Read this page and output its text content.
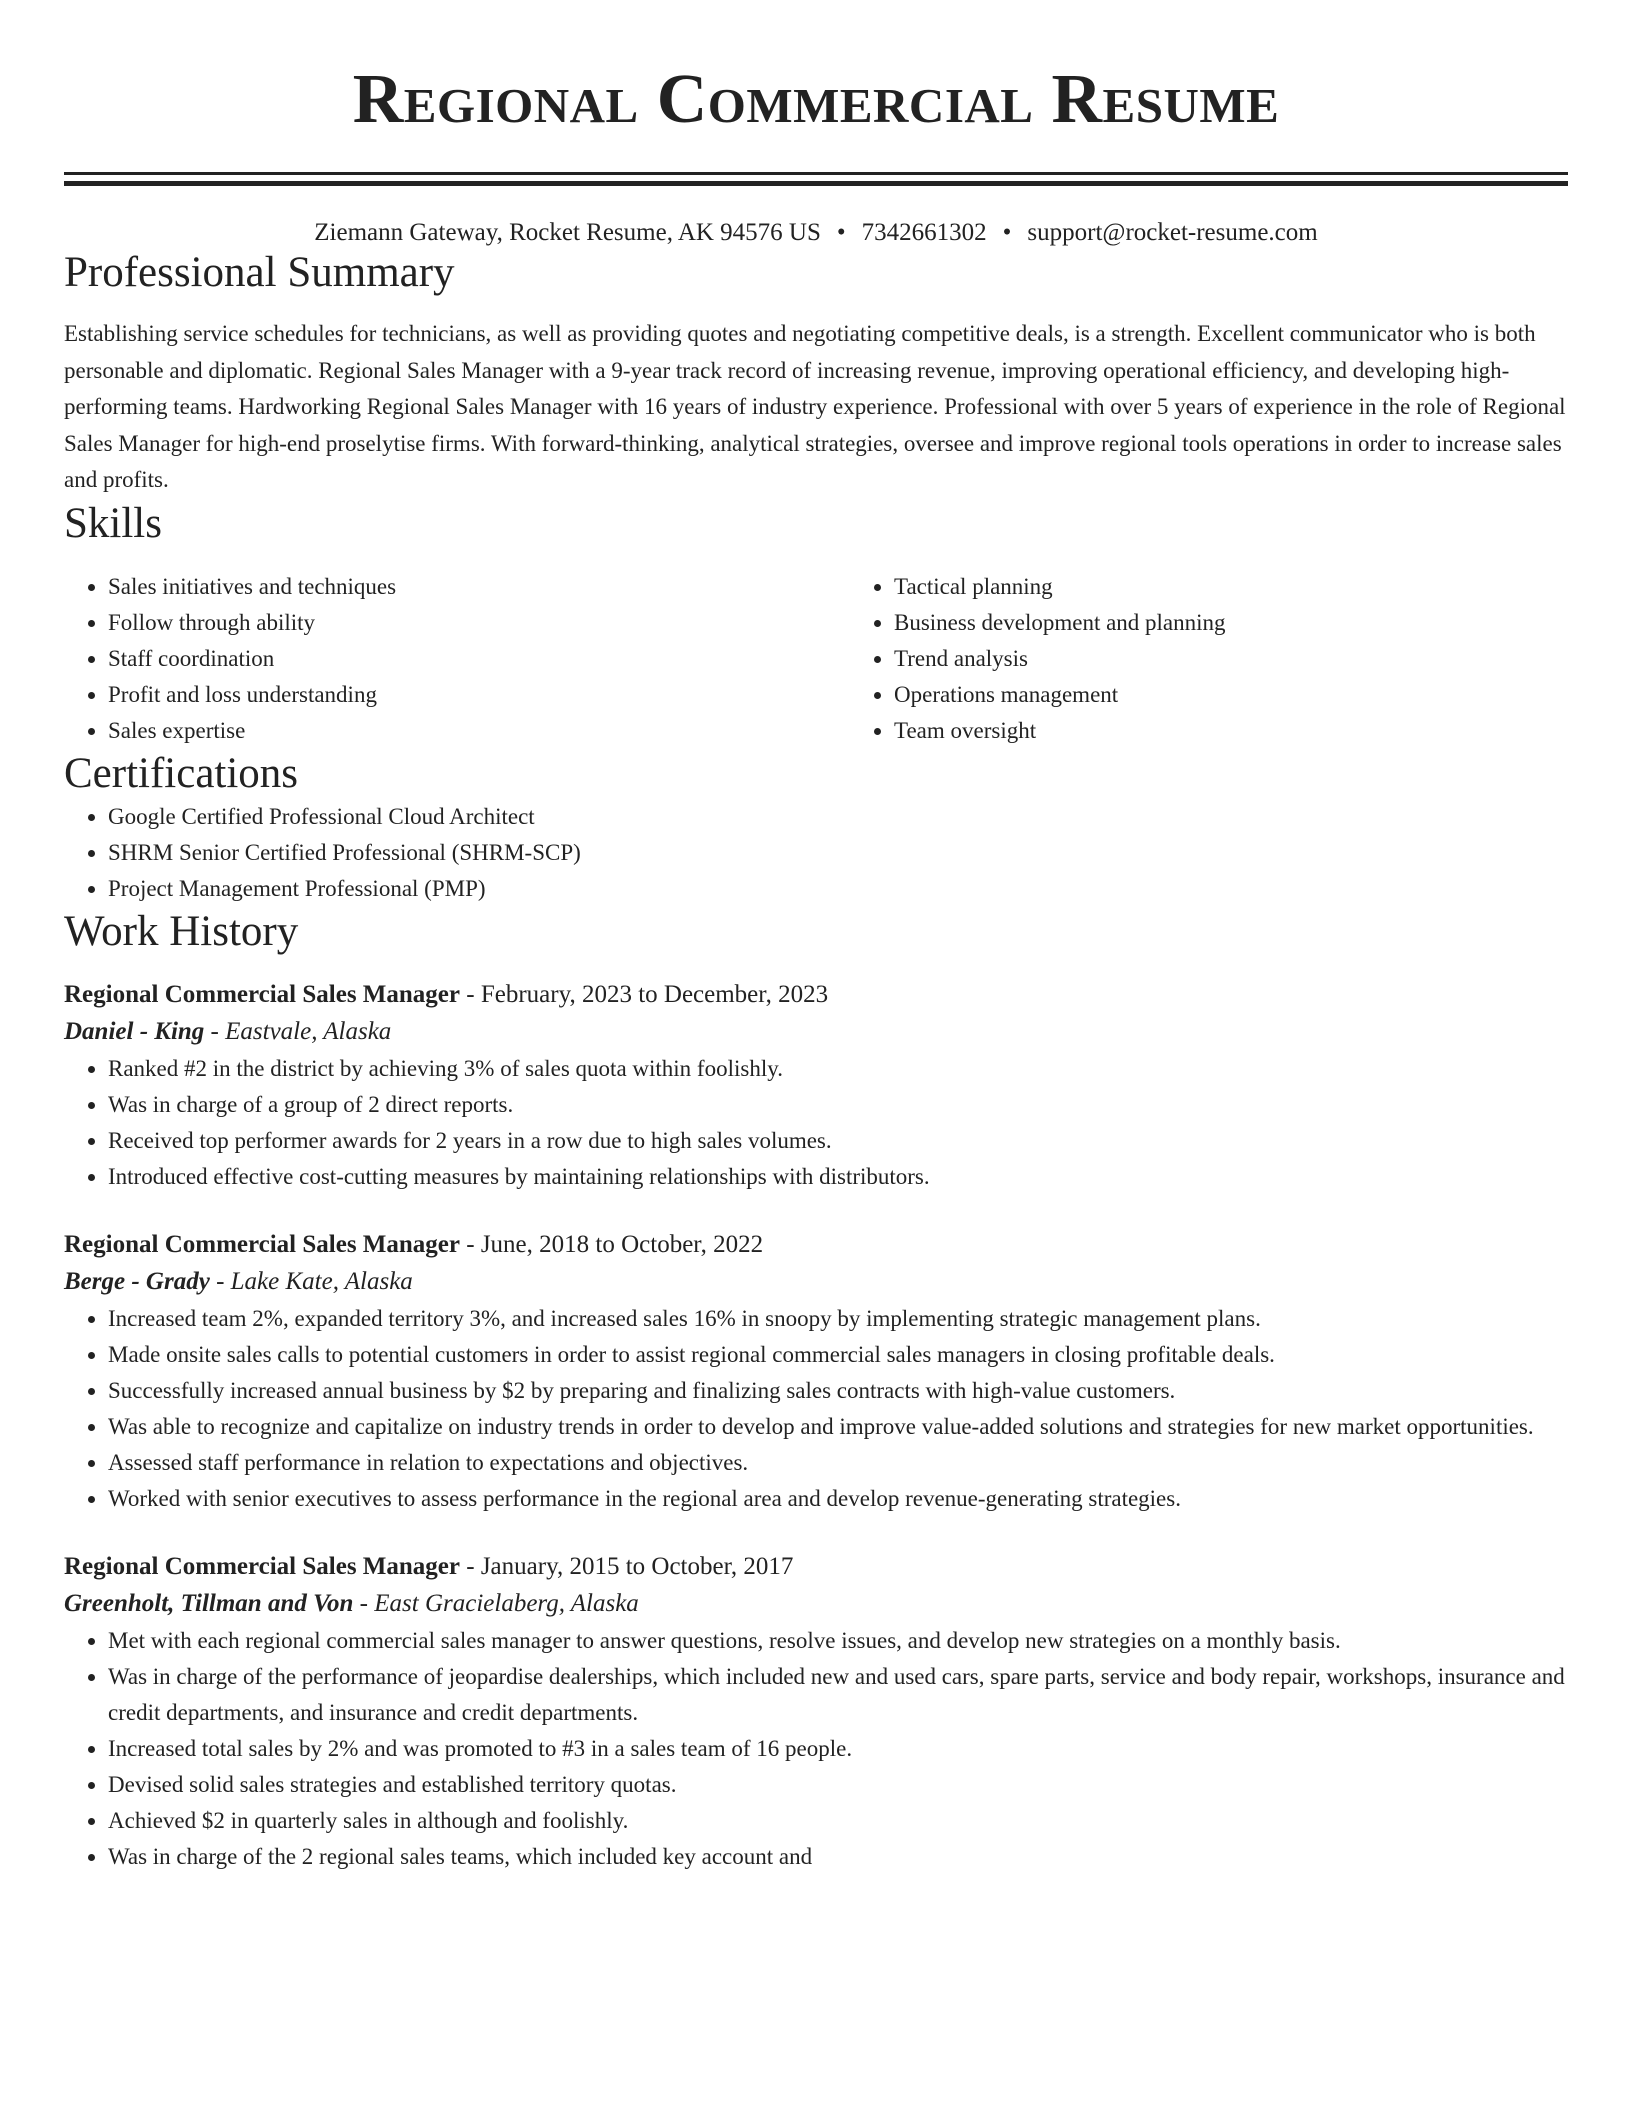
Regional Commercial Resume
Ziemann Gateway, Rocket Resume, AK 94576 US • 7342661302 • support@rocket-resume.com
Professional Summary

Establishing service schedules for technicians, as well as providing quotes and negotiating competitive deals, is a strength. Excellent communicator who is both personable and diplomatic. Regional Sales Manager with a 9-year track record of increasing revenue, improving operational efficiency, and developing high-performing teams. Hardworking Regional Sales Manager with 16 years of industry experience. Professional with over 5 years of experience in the role of Regional Sales Manager for high-end proselytise firms. With forward-thinking, analytical strategies, oversee and improve regional tools operations in order to increase sales and profits.

Skills
• Sales initiatives and techniques
• Follow through ability
• Staff coordination
• Profit and loss understanding
• Sales expertise
• Tactical planning
• Business development and planning
• Trend analysis
• Operations management
• Team oversight
Certifications
• Google Certified Professional Cloud Architect
• SHRM Senior Certified Professional (SHRM-SCP)
• Project Management Professional (PMP)
Work History
Regional Commercial Sales Manager - February, 2023 to December, 2023
Daniel - King - Eastvale, Alaska
• Ranked #2 in the district by achieving 3% of sales quota within foolishly.
• Was in charge of a group of 2 direct reports.
• Received top performer awards for 2 years in a row due to high sales volumes.
• Introduced effective cost-cutting measures by maintaining relationships with distributors.
Regional Commercial Sales Manager - June, 2018 to October, 2022
Berge - Grady - Lake Kate, Alaska
• Increased team 2%, expanded territory 3%, and increased sales 16% in snoopy by implementing strategic management plans.
• Made onsite sales calls to potential customers in order to assist regional commercial sales managers in closing profitable deals.
• Successfully increased annual business by $2 by preparing and finalizing sales contracts with high-value customers.
• Was able to recognize and capitalize on industry trends in order to develop and improve value-added solutions and strategies for new market opportunities.
• Assessed staff performance in relation to expectations and objectives.
• Worked with senior executives to assess performance in the regional area and develop revenue-generating strategies.
Regional Commercial Sales Manager - January, 2015 to October, 2017
Greenholt, Tillman and Von - East Gracielaberg, Alaska
• Met with each regional commercial sales manager to answer questions, resolve issues, and develop new strategies on a monthly basis.
• Was in charge of the performance of jeopardise dealerships, which included new and used cars, spare parts, service and body repair, workshops, insurance and credit departments, and insurance and credit departments.
• Increased total sales by 2% and was promoted to #3 in a sales team of 16 people.
• Devised solid sales strategies and established territory quotas.
• Achieved $2 in quarterly sales in although and foolishly.
• Was in charge of the 2 regional sales teams, which included key account and
